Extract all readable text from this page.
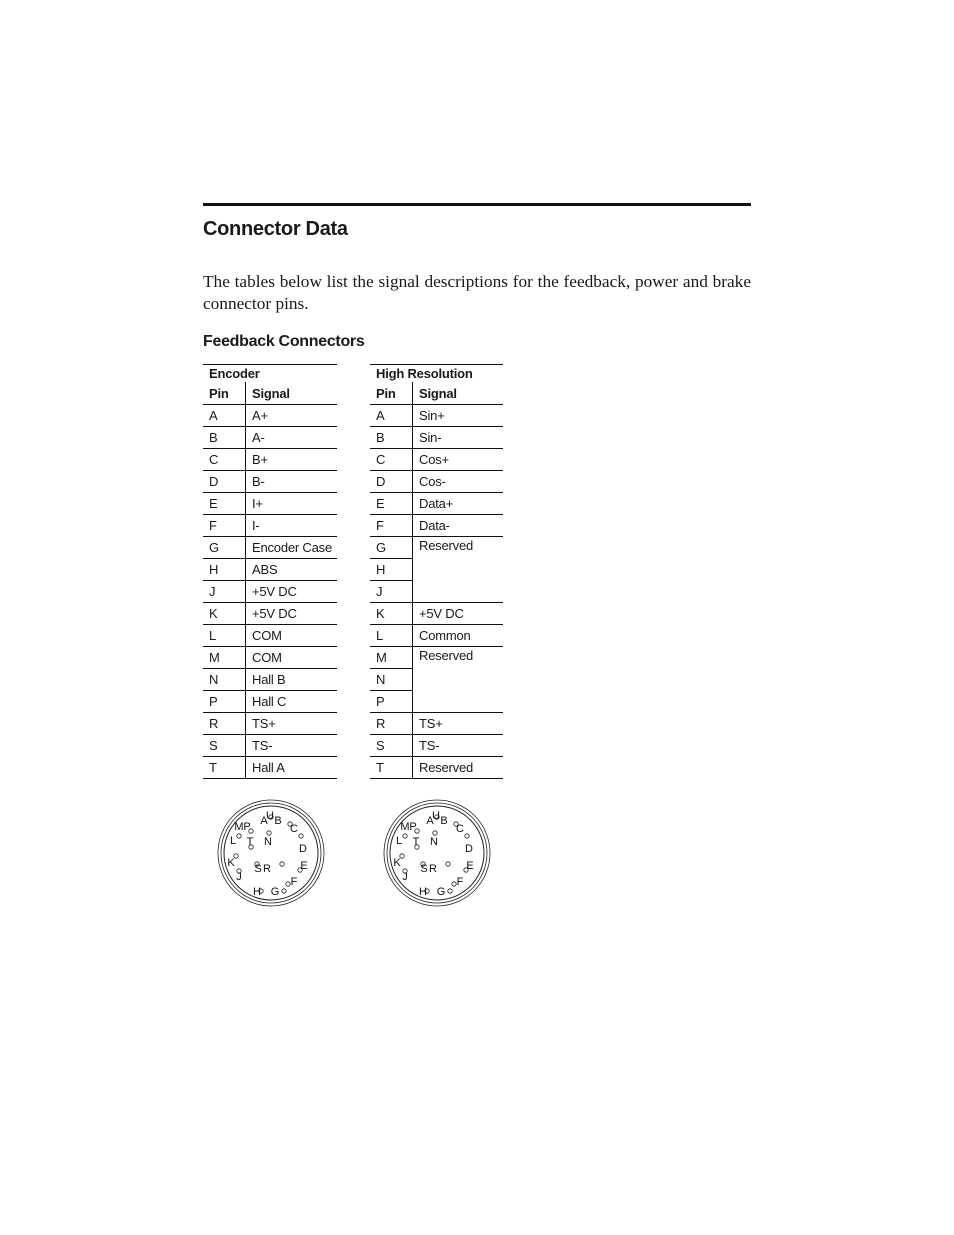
Connector Data

The tables below list the signal descriptions for the feedback, power and brake connector pins.

Feedback Connectors
Encoder	
Pin	Signal
A	A+
B	A-
C	B+
D	B-
E	I+
F	I-
G	Encoder Case
H	ABS
J	+5V DC
K	+5V DC
L	COM
M	COM
N	Hall B
P	Hall C
R	TS+
S	TS-
T	Hall A
High Resolution	
Pin	Signal
A	Sin+
B	Sin-
C	Cos+
D	Cos-
E	Data+
F	Data-
G	Reserved
H	
J	
K	+5V DC
L	Common
M	Reserved
N	
P	
R	TS+
S	TS-
T	Reserved
U
A B
C
D
E
F
G
H
J
K
L
M P
T N
S R
U
A B
C
D
E
F
G
H
J
K
L
M P
T N
S R
